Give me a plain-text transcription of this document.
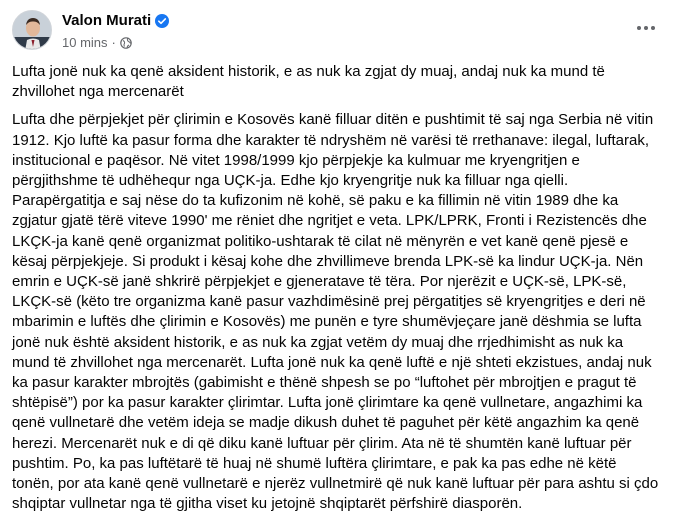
Valon Murati
10 mins ·

Lufta jonë nuk ka qenë aksident historik, e as nuk ka zgjat dy muaj, andaj nuk ka mund të zhvillohet nga mercenarët

Lufta dhe përpjekjet për çlirimin e Kosovës kanë filluar ditën e pushtimit të saj nga Serbia në vitin 1912. Kjo luftë ka pasur forma dhe karakter të ndryshëm në varësi të rrethanave: ilegal, luftarak, institucional e paqësor. Në vitet 1998/1999 kjo përpjekje ka kulmuar me kryengritjen e përgjithshme të udhëhequr nga UÇK-ja. Edhe kjo kryengritje nuk ka filluar nga qielli. Parapërgatitja e saj nëse do ta kufizonim në kohë, së paku e ka fillimin në vitin 1989 dhe ka zgjatur gjatë tërë viteve 1990' me rëniet dhe ngritjet e veta. LPK/LPRK, Fronti i Rezistencës dhe LKÇK-ja kanë qenë organizmat politiko-ushtarak të cilat në mënyrën e vet kanë qenë pjesë e kësaj përpjekjeje. Si produkt i kësaj kohe dhe zhvillimeve brenda LPK-së ka lindur UÇK-ja. Nën emrin e UÇK-së janë shkrirë përpjekjet e gjeneratave të tëra. Por njerëzit e UÇK-së, LPK-së, LKÇK-së (këto tre organizma kanë pasur vazhdimësinë prej përgatitjes së kryengritjes e deri në mbarimin e luftës dhe çlirimin e Kosovës) me punën e tyre shumëvjeçare janë dëshmia se lufta jonë nuk është aksident historik, e as nuk ka zgjat vetëm dy muaj dhe rrjedhimisht as nuk ka mund të zhvillohet nga mercenarët. Lufta jonë nuk ka qenë luftë e një shteti ekzistues, andaj nuk ka pasur karakter mbrojtës (gabimisht e thënë shpesh se po “luftohet për mbrojtjen e pragut të shtëpisë”) por ka pasur karakter çlirimtar. Lufta jonë çlirimtare ka qenë vullnetare, angazhimi ka qenë vullnetarë dhe vetëm ideja se madje dikush duhet të paguhet për këtë angazhim ka qenë herezi. Mercenarët nuk e di që diku kanë luftuar për çlirim. Ata në të shumtën kanë luftuar për pushtim. Po, ka pas luftëtarë të huaj në shumë luftëra çlirimtare, e pak ka pas edhe në këtë tonën, por ata kanë qenë vullnetarë e njerëz vullnetmirë që nuk kanë luftuar për para ashtu si çdo shqiptar vullnetar nga të gjitha viset ku jetojnë shqiptarët përfshirë diasporën.
